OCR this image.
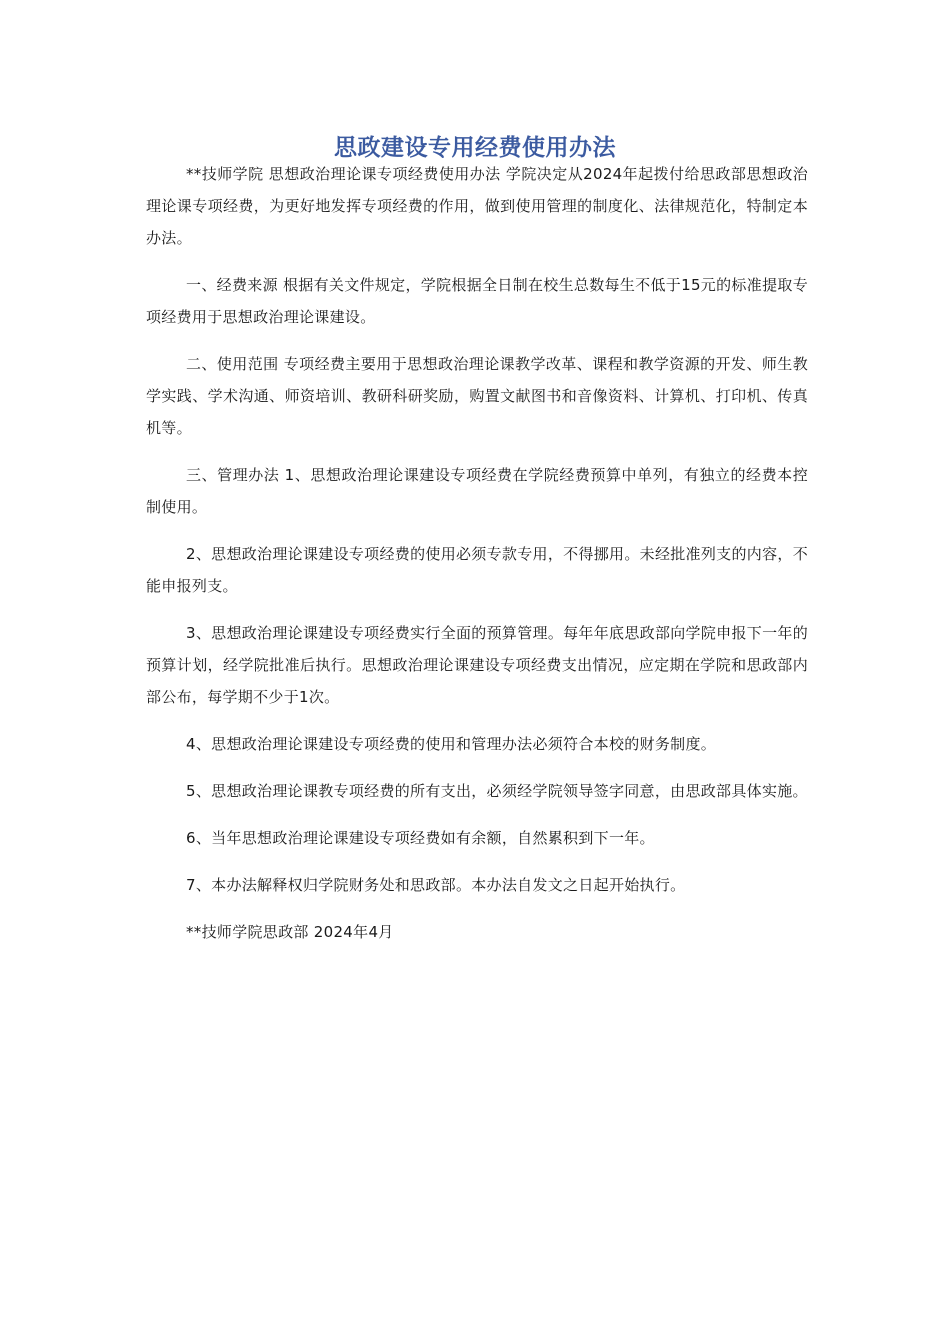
思政建设专用经费使用办法

**技师学院 思想政治理论课专项经费使用办法 学院决定从2024年起拨付给思政部思想政治理论课专项经费，为更好地发挥专项经费的作用，做到使用管理的制度化、法律规范化，特制定本办法。

一、经费来源 根据有关文件规定，学院根据全日制在校生总数每生不低于15元的标准提取专项经费用于思想政治理论课建设。

二、使用范围 专项经费主要用于思想政治理论课教学改革、课程和教学资源的开发、师生教学实践、学术沟通、师资培训、教研科研奖励，购置文献图书和音像资料、计算机、打印机、传真机等。

三、管理办法 1、思想政治理论课建设专项经费在学院经费预算中单列，有独立的经费本控制使用。

2、思想政治理论课建设专项经费的使用必须专款专用，不得挪用。未经批准列支的内容，不能申报列支。

3、思想政治理论课建设专项经费实行全面的预算管理。每年年底思政部向学院申报下一年的预算计划，经学院批准后执行。思想政治理论课建设专项经费支出情况，应定期在学院和思政部内部公布，每学期不少于1次。

4、思想政治理论课建设专项经费的使用和管理办法必须符合本校的财务制度。

5、思想政治理论课教专项经费的所有支出，必须经学院领导签字同意，由思政部具体实施。

6、当年思想政治理论课建设专项经费如有余额，自然累积到下一年。

7、本办法解释权归学院财务处和思政部。本办法自发文之日起开始执行。

**技师学院思政部 2024年4月
